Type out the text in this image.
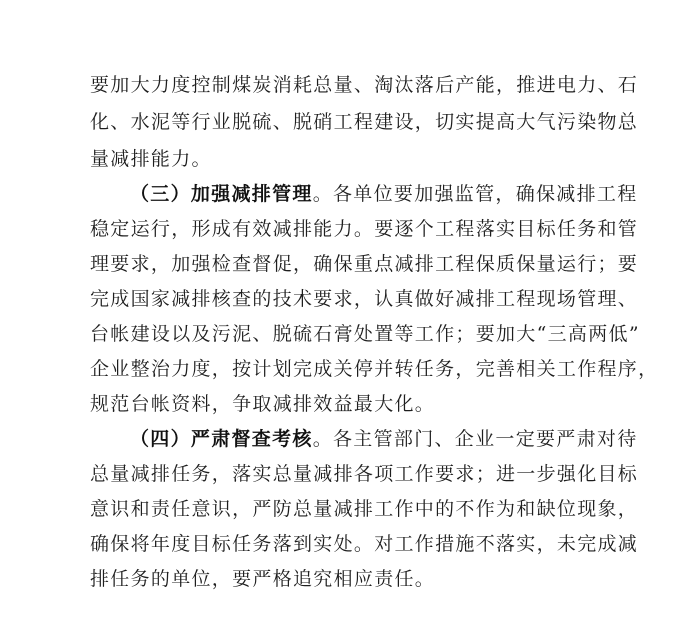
要加大力度控制煤炭消耗总量、淘汰落后产能，推进电力、石
化、水泥等行业脱硫、脱硝工程建设，切实提高大气污染物总
量减排能力。
（三）加强减排管理。各单位要加强监管，确保减排工程
稳定运行，形成有效减排能力。要逐个工程落实目标任务和管
理要求，加强检查督促，确保重点减排工程保质保量运行；要
完成国家减排核查的技术要求，认真做好减排工程现场管理、
台帐建设以及污泥、脱硫石膏处置等工作；要加大“三高两低”
企业整治力度，按计划完成关停并转任务，完善相关工作程序，
规范台帐资料，争取减排效益最大化。
（四）严肃督查考核。各主管部门、企业一定要严肃对待
总量减排任务，落实总量减排各项工作要求；进一步强化目标
意识和责任意识，严防总量减排工作中的不作为和缺位现象，
确保将年度目标任务落到实处。对工作措施不落实，未完成减
排任务的单位，要严格追究相应责任。
